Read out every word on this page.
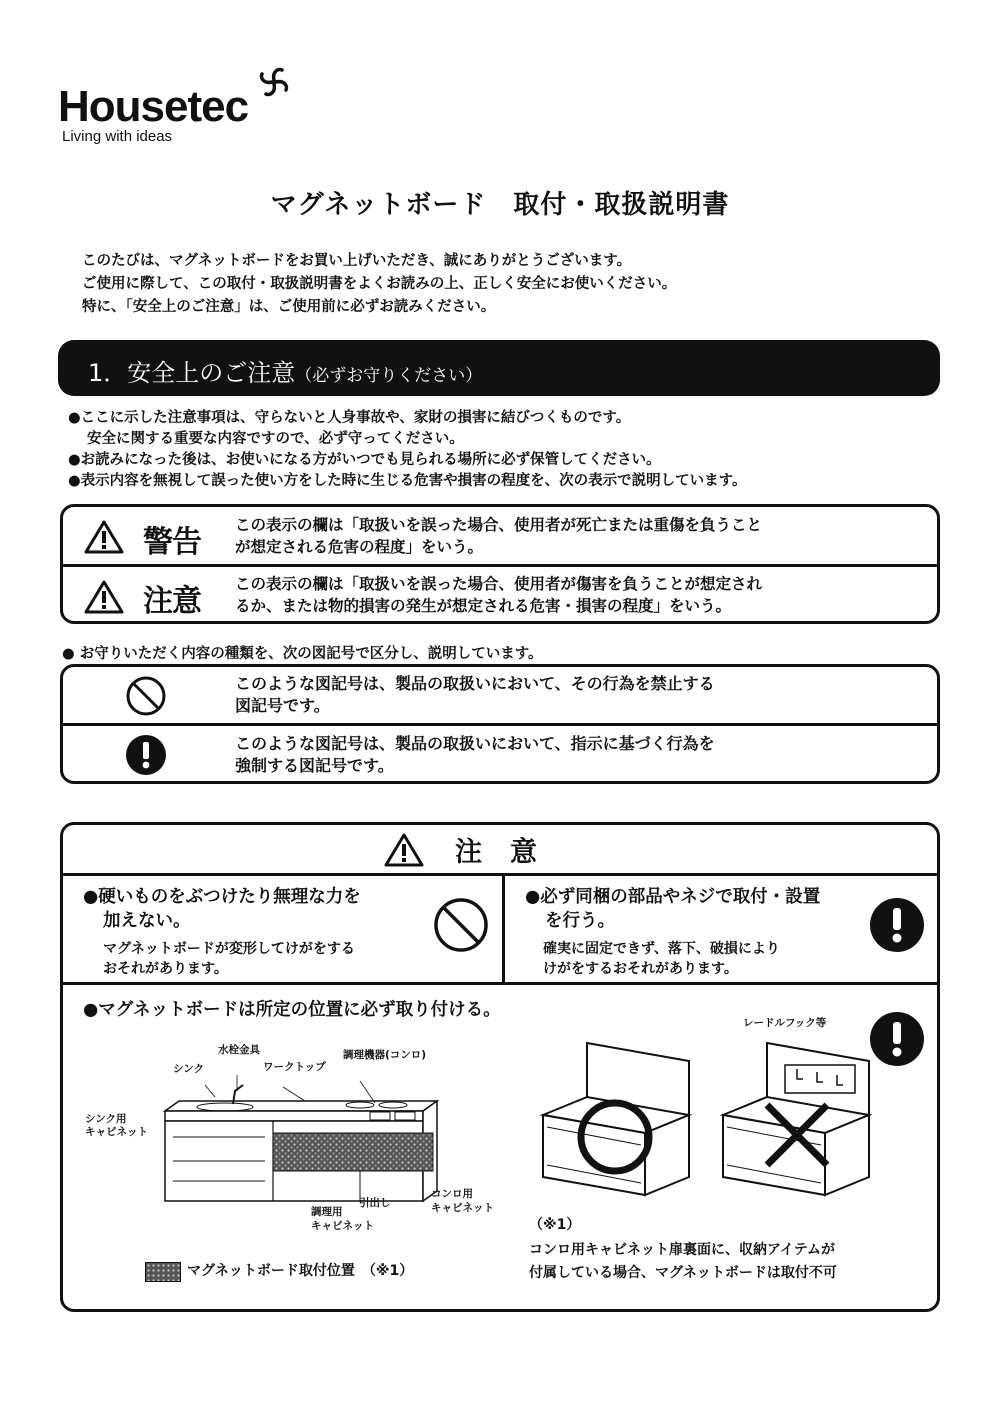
Housetec
Living with ideas
マグネットボード　取付・取扱説明書
このたびは、マグネットボードをお買い上げいただき、誠にありがとうございます。
ご使用に際して、この取付・取扱説明書をよくお読みの上、正しく安全にお使いください。
特に、「安全上のご注意」は、ご使用前に必ずお読みください。
1．安全上のご注意（必ずお守りください）
●ここに示した注意事項は、守らないと人身事故や、家財の損害に結びつくものです。
安全に関する重要な内容ですので、必ず守ってください。
●お読みになった後は、お使いになる方がいつでも見られる場所に必ず保管してください。
●表示内容を無視して誤った使い方をした時に生じる危害や損害の程度を、次の表示で説明しています。
警告 この表示の欄は「取扱いを誤った場合、使用者が死亡または重傷を負うこと
が想定される危害の程度」をいう。
注意 この表示の欄は「取扱いを誤った場合、使用者が傷害を負うことが想定され
るか、または物的損害の発生が想定される危害・損害の程度」をいう。
● お守りいただく内容の種類を、次の図記号で区分し、説明しています。
このような図記号は、製品の取扱いにおいて、その行為を禁止する
図記号です。
このような図記号は、製品の取扱いにおいて、指示に基づく行為を
強制する図記号です。
注意
●硬いものをぶつけたり無理な力を
加えない。
マグネットボードが変形してけがをする
おそれがあります。
●必ず同梱の部品やネジで取付・設置
を行う。
確実に固定できず、落下、破損により
けがをするおそれがあります。
●マグネットボードは所定の位置に必ず取り付ける。
水栓金具
シンク	ワークトップ
調理機器(コンロ)
シンク用
キャビネット
引出し
調理用
キャビネット
コンロ用
キャビネット
マグネットボード取付位置　（※1）
レードルフック等
（※1）
コンロ用キャビネット扉裏面に、収納アイテムが
付属している場合、マグネットボードは取付不可
